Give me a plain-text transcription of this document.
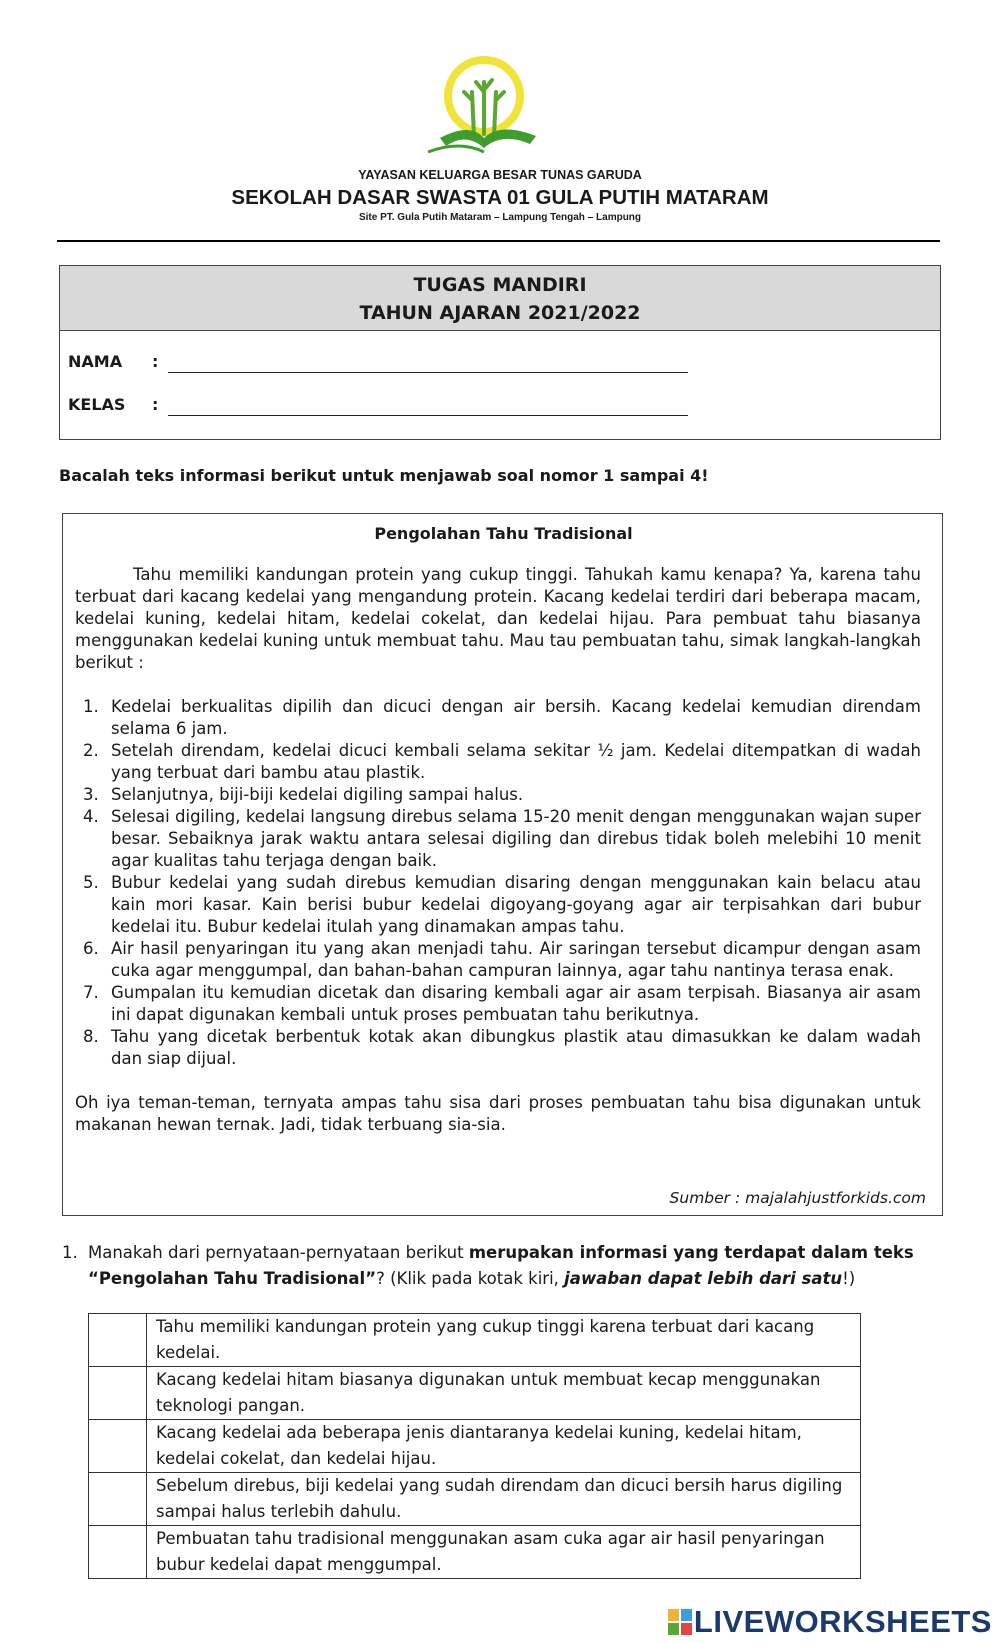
YAYASAN KELUARGA BESAR TUNAS GARUDA
SEKOLAH DASAR SWASTA 01 GULA PUTIH MATARAM
Site PT. Gula Putih Mataram – Lampung Tengah – Lampung
TUGAS MANDIRI
TAHUN AJARAN 2021/2022
NAMA :
KELAS :
Bacalah teks informasi berikut untuk menjawab soal nomor 1 sampai 4!
Pengolahan Tahu Tradisional
Tahu memiliki kandungan protein yang cukup tinggi. Tahukah kamu kenapa? Ya, karena tahu terbuat dari kacang kedelai yang mengandung protein. Kacang kedelai terdiri dari beberapa macam, kedelai kuning, kedelai hitam, kedelai cokelat, dan kedelai hijau. Para pembuat tahu biasanya menggunakan kedelai kuning untuk membuat tahu. Mau tau pembuatan tahu, simak langkah-langkah berikut :
1. Kedelai berkualitas dipilih dan dicuci dengan air bersih. Kacang kedelai kemudian direndam selama 6 jam.
2. Setelah direndam, kedelai dicuci kembali selama sekitar ½ jam. Kedelai ditempatkan di wadah yang terbuat dari bambu atau plastik.
3. Selanjutnya, biji-biji kedelai digiling sampai halus.
4. Selesai digiling, kedelai langsung direbus selama 15-20 menit dengan menggunakan wajan super besar. Sebaiknya jarak waktu antara selesai digiling dan direbus tidak boleh melebihi 10 menit agar kualitas tahu terjaga dengan baik.
5. Bubur kedelai yang sudah direbus kemudian disaring dengan menggunakan kain belacu atau kain mori kasar. Kain berisi bubur kedelai digoyang-goyang agar air terpisahkan dari bubur kedelai itu. Bubur kedelai itulah yang dinamakan ampas tahu.
6. Air hasil penyaringan itu yang akan menjadi tahu. Air saringan tersebut dicampur dengan asam cuka agar menggumpal, dan bahan-bahan campuran lainnya, agar tahu nantinya terasa enak.
7. Gumpalan itu kemudian dicetak dan disaring kembali agar air asam terpisah. Biasanya air asam ini dapat digunakan kembali untuk proses pembuatan tahu berikutnya.
8. Tahu yang dicetak berbentuk kotak akan dibungkus plastik atau dimasukkan ke dalam wadah dan siap dijual.
Oh iya teman-teman, ternyata ampas tahu sisa dari proses pembuatan tahu bisa digunakan untuk makanan hewan ternak. Jadi, tidak terbuang sia-sia.
Sumber : majalahjustforkids.com
1. Manakah dari pernyataan-pernyataan berikut merupakan informasi yang terdapat dalam teks “Pengolahan Tahu Tradisional”? (Klik pada kotak kiri, jawaban dapat lebih dari satu!)
	Tahu memiliki kandungan protein yang cukup tinggi karena terbuat dari kacang kedelai.
	Kacang kedelai hitam biasanya digunakan untuk membuat kecap menggunakan teknologi pangan.
	Kacang kedelai ada beberapa jenis diantaranya kedelai kuning, kedelai hitam, kedelai cokelat, dan kedelai hijau.
	Sebelum direbus, biji kedelai yang sudah direndam dan dicuci bersih harus digiling sampai halus terlebih dahulu.
	Pembuatan tahu tradisional menggunakan asam cuka agar air hasil penyaringan bubur kedelai dapat menggumpal.
LIVEWORKSHEETS
